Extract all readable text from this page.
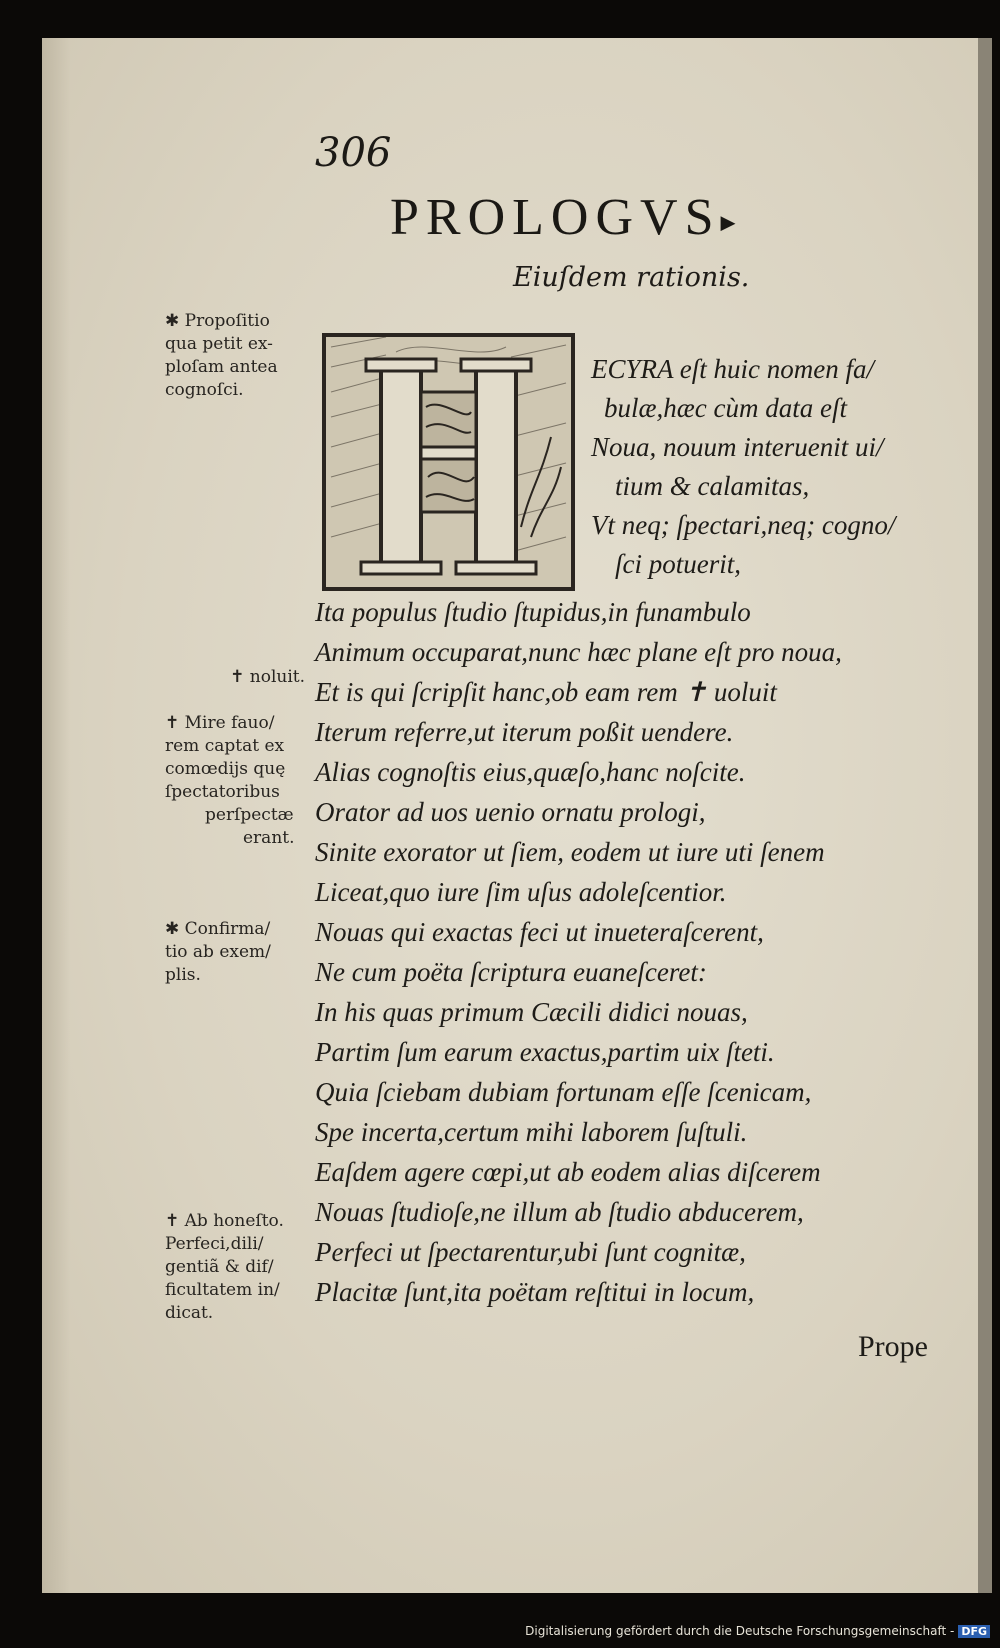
306
PROLOGVS▸
Eiuſdem rationis.
ECYRA eſt huic nomen fa/
bulæ,hæc cùm data eſt
Noua, nouum interuenit ui/
tium & calamitas,
Vt neq; ſpectari,neq; cogno/
ſci potuerit,
Ita populus ſtudio ſtupidus,in funambulo
Animum occuparat,nunc hæc plane eſt pro noua,
Et is qui ſcripſit hanc,ob eam rem ✝ uoluit
Iterum referre,ut iterum poßit uendere.
Alias cognoſtis eius,quæſo,hanc noſcite.
Orator ad uos uenio ornatu prologi,
Sinite exorator ut ſiem, eodem ut iure uti ſenem
Liceat,quo iure ſim uſus adoleſcentior.
Nouas qui exactas feci ut inueteraſcerent,
Ne cum poëta ſcriptura euaneſceret:
In his quas primum Cæcili didici nouas,
Partim ſum earum exactus,partim uix ſteti.
Quia ſciebam dubiam fortunam eſſe ſcenicam,
Spe incerta,certum mihi laborem ſuſtuli.
Eaſdem agere cœpi,ut ab eodem alias diſcerem
Nouas ſtudioſe,ne illum ab ſtudio abducerem,
Perfeci ut ſpectarentur,ubi ſunt cognitæ,
Placitæ ſunt,ita poëtam reſtitui in locum,
✱ Propoſitio
qua petit ex-
ploſam antea
cognoſci.
✝ noluit.
✝ Mire fauo/
rem captat ex
comœdijs quę
ſpectatoribus
perſpectæ
erant.
✱ Confirma/
tio ab exem/
plis.
✝ Ab honeſto.
Perfeci,dili/
gentiã & dif/
ficultatem in/
dicat.
Prope
Digitalisierung gefördert durch die Deutsche Forschungsgemeinschaft - DFG
